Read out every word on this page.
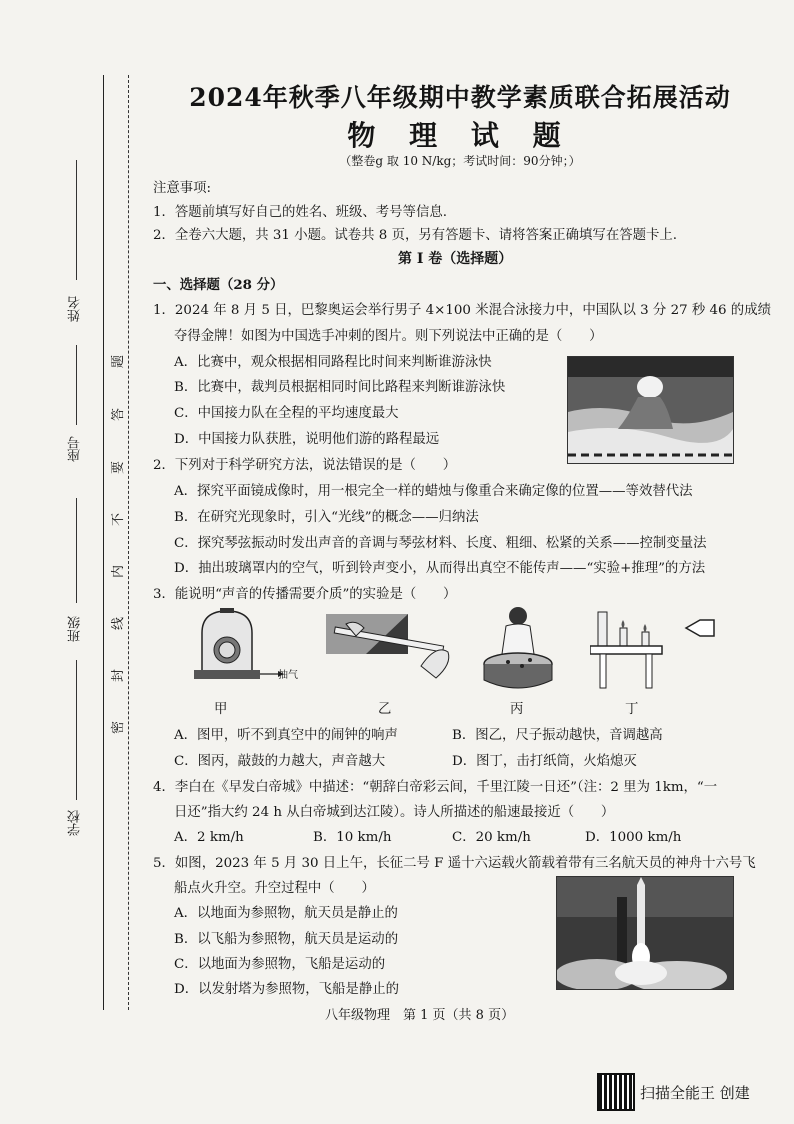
姓名
座号
班级
学校
题
答
要
不
内
线
封
密
2024年秋季八年级期中教学素质联合拓展活动
物 理 试 题
（整卷g 取 10 N/kg；考试时间：90分钟；）
注意事项:
1．答题前填写好自己的姓名、班级、考号等信息.
2．全卷六大题，共 31 小题。试卷共 8 页，另有答题卡、请将答案正确填写在答题卡上.
第 Ⅰ 卷（选择题）
一、选择题（28 分）
1．2024 年 8 月 5 日，巴黎奥运会举行男子 4×100 米混合泳接力中，中国队以 3 分 27 秒 46 的成绩
夺得金牌！如图为中国选手冲刺的图片。则下列说法中正确的是（　　）
A．比赛中，观众根据相同路程比时间来判断谁游泳快
B．比赛中，裁判员根据相同时间比路程来判断谁游泳快
C．中国接力队在全程的平均速度最大
D．中国接力队获胜，说明他们游的路程最远
2．下列对于科学研究方法，说法错误的是（　　）
A．探究平面镜成像时，用一根完全一样的蜡烛与像重合来确定像的位置——等效替代法
B．在研究光现象时，引入“光线”的概念——归纳法
C．探究琴弦振动时发出声音的音调与琴弦材料、长度、粗细、松紧的关系——控制变量法
D．抽出玻璃罩内的空气，听到铃声变小，从而得出真空不能传声——“实验+推理”的方法
3．能说明“声音的传播需要介质”的实验是（　　）
抽气
甲	乙	丙	丁
A．图甲，听不到真空中的闹钟的响声	B．图乙，尺子振动越快，音调越高
C．图丙，敲鼓的力越大，声音越大	D．图丁，击打纸筒，火焰熄灭
4．李白在《早发白帝城》中描述：“朝辞白帝彩云间，千里江陵一日还”（注：2 里为 1km，“一
日还”指大约 24 h 从白帝城到达江陵）。诗人所描述的船速最接近（　　）
A．2 km/h	B．10 km/h	C．20 km/h	D．1000 km/h
5．如图，2023 年 5 月 30 日上午，长征二号 F 遥十六运载火箭载着带有三名航天员的神舟十六号飞
船点火升空。升空过程中（　　）
A．以地面为参照物，航天员是静止的
B．以飞船为参照物，航天员是运动的
C．以地面为参照物，飞船是运动的
D．以发射塔为参照物，飞船是静止的
八年级物理　第 1 页（共 8 页）
扫描全能王 创建
